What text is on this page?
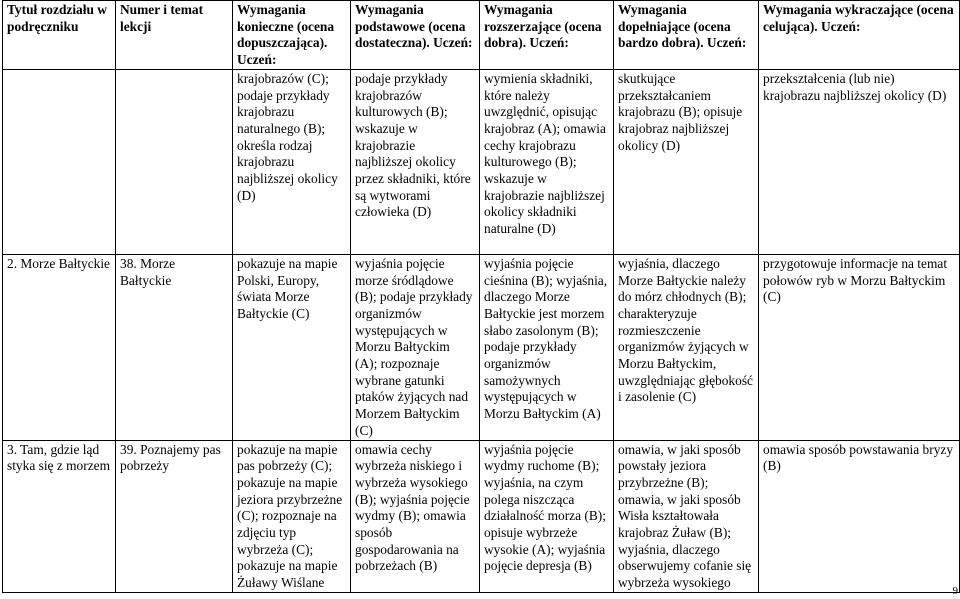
Tytuł rozdziału w podręczniku	Numer i temat lekcji	Wymagania konieczne (ocena dopuszczająca). Uczeń:	Wymagania podstawowe (ocena dostateczna). Uczeń:	Wymagania rozszerzające (ocena dobra). Uczeń:	Wymagania dopełniające (ocena bardzo dobra). Uczeń:	Wymagania wykraczające (ocena celująca). Uczeń:
		krajobrazów (C); podaje przykłady krajobrazu naturalnego (B); określa rodzaj krajobrazu najbliższej okolicy (D)	podaje przykłady krajobrazów kulturowych (B); wskazuje w krajobrazie najbliższej okolicy przez składniki, które są wytworami człowieka (D)	wymienia składniki, które należy uwzględnić, opisując krajobraz (A); omawia cechy krajobrazu kulturowego (B); wskazuje w krajobrazie najbliższej okolicy składniki naturalne (D)	skutkujące przekształcaniem krajobrazu (B); opisuje krajobraz najbliższej okolicy (D)	przekształcenia (lub nie) krajobrazu najbliższej okolicy (D)
2. Morze Bałtyckie	38. Morze Bałtyckie	pokazuje na mapie Polski, Europy, świata Morze Bałtyckie (C)	wyjaśnia pojęcie morze śródlądowe (B); podaje przykłady organizmów występujących w Morzu Bałtyckim (A); rozpoznaje wybrane gatunki ptaków żyjących nad Morzem Bałtyckim (C)	wyjaśnia pojęcie cieśnina (B); wyjaśnia, dlaczego Morze Bałtyckie jest morzem słabo zasolonym (B); podaje przykłady organizmów samożywnych występujących w Morzu Bałtyckim (A)	wyjaśnia, dlaczego Morze Bałtyckie należy do mórz chłodnych (B); charakteryzuje rozmieszczenie organizmów żyjących w Morzu Bałtyckim, uwzględniając głębokość i zasolenie (C)	przygotowuje informacje na temat połowów ryb w Morzu Bałtyckim (C)
3. Tam, gdzie ląd styka się z morzem	39. Poznajemy pas pobrzeży	pokazuje na mapie pas pobrzeży (C); pokazuje na mapie jeziora przybrzeżne (C); rozpoznaje na zdjęciu typ wybrzeża (C); pokazuje na mapie Żuławy Wiślane	omawia cechy wybrzeża niskiego i wybrzeża wysokiego (B); wyjaśnia pojęcie wydmy (B); omawia sposób gospodarowania na pobrzeżach (B)	wyjaśnia pojęcie wydmy ruchome (B); wyjaśnia, na czym polega niszcząca działalność morza (B); opisuje wybrzeże wysokie (A); wyjaśnia pojęcie depresja (B)	omawia, w jaki sposób powstały jeziora przybrzeżne (B); omawia, w jaki sposób Wisła kształtowała krajobraz Żuław (B); wyjaśnia, dlaczego obserwujemy cofanie się wybrzeża wysokiego	omawia sposób powstawania bryzy (B)
9
